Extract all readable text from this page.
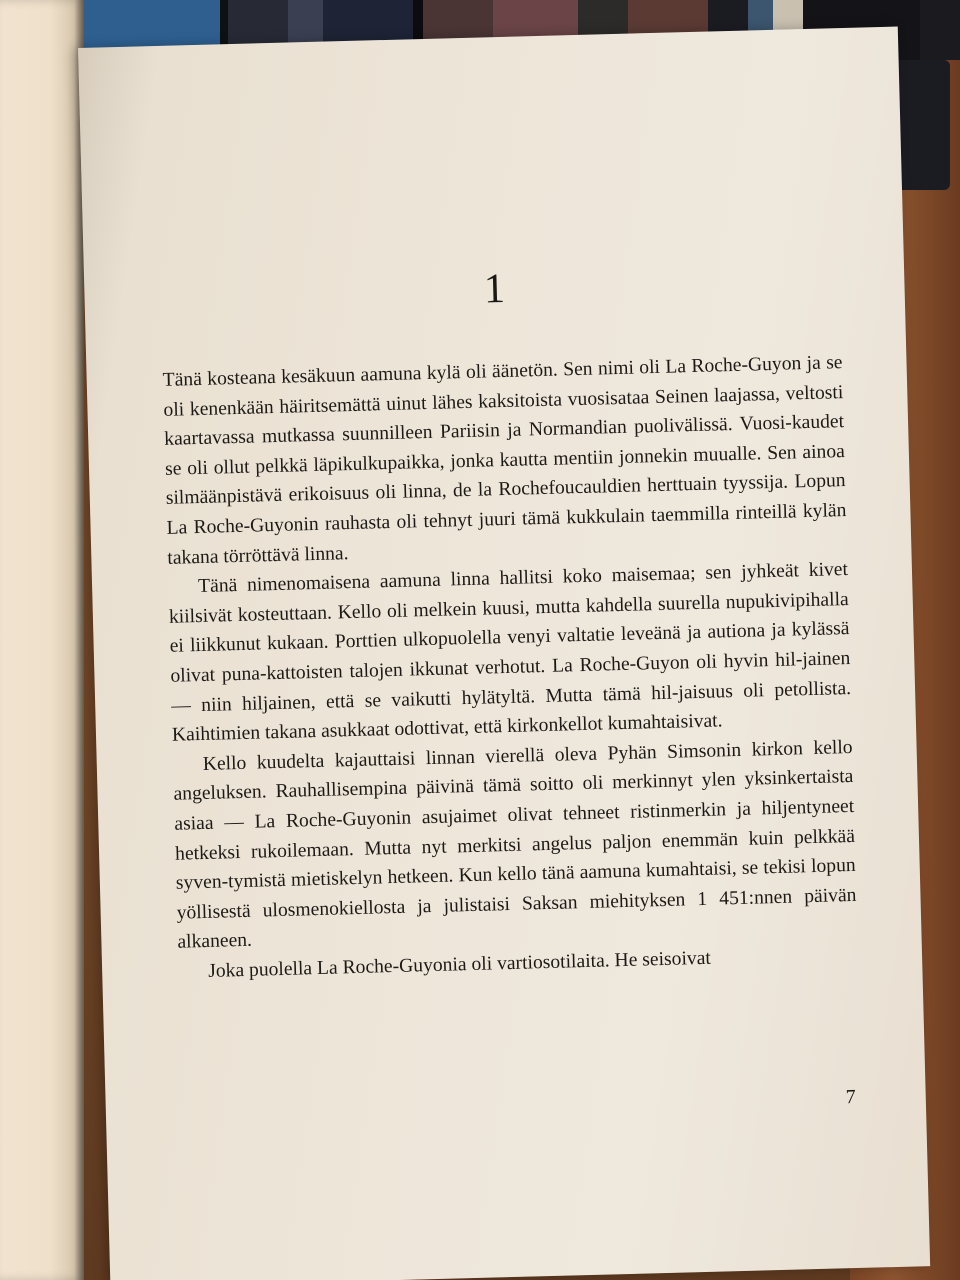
1

Tänä kosteana kesäkuun aamuna kylä oli äänetön. Sen nimi oli La Roche-Guyon ja se oli kenenkään häiritsemättä uinut lähes kaksitoista vuosisataa Seinen laajassa, veltosti kaartavassa mutkassa suunnilleen Pariisin ja Normandian puolivälissä. Vuosi-kaudet se oli ollut pelkkä läpikulkupaikka, jonka kautta mentiin jonnekin muualle. Sen ainoa silmäänpistävä erikoisuus oli linna, de la Rochefoucauldien herttuain tyyssija. Lopun La Roche-Guyonin rauhasta oli tehnyt juuri tämä kukkulain taemmilla rinteillä kylän takana törröttävä linna.

Tänä nimenomaisena aamuna linna hallitsi koko maisemaa; sen jyhkeät kivet kiilsivät kosteuttaan. Kello oli melkein kuusi, mutta kahdella suurella nupukivipihalla ei liikkunut kukaan. Porttien ulkopuolella venyi valtatie leveänä ja autiona ja kylässä olivat puna-kattoisten talojen ikkunat verhotut. La Roche-Guyon oli hyvin hil-jainen — niin hiljainen, että se vaikutti hylätyltä. Mutta tämä hil-jaisuus oli petollista. Kaihtimien takana asukkaat odottivat, että kirkonkellot kumahtaisivat.

Kello kuudelta kajauttaisi linnan vierellä oleva Pyhän Simsonin kirkon kello angeluksen. Rauhallisempina päivinä tämä soitto oli merkinnyt ylen yksinkertaista asiaa — La Roche-Guyonin asujaimet olivat tehneet ristinmerkin ja hiljentyneet hetkeksi rukoilemaan. Mutta nyt merkitsi angelus paljon enemmän kuin pelkkää syven-tymistä mietiskelyn hetkeen. Kun kello tänä aamuna kumahtaisi, se tekisi lopun yöllisestä ulosmenokiellosta ja julistaisi Saksan miehityksen 1 451:nnen päivän alkaneen.

Joka puolella La Roche-Guyonia oli vartiosotilaita. He seisoivat

7
